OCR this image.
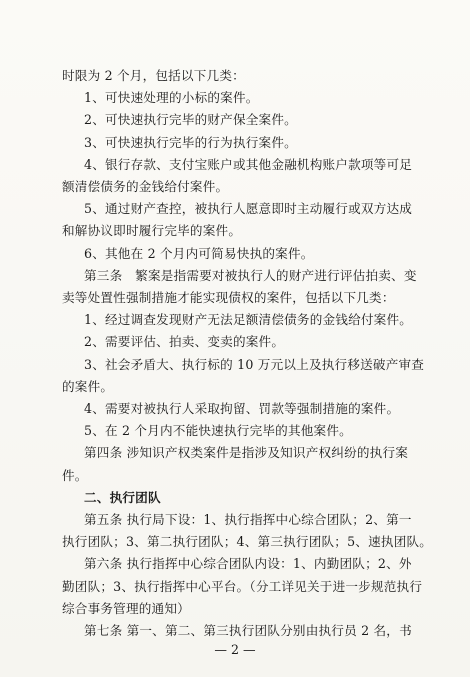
时限为 2 个月，包括以下几类：
1、可快速处理的小标的案件。
2、可快速执行完毕的财产保全案件。
3、可快速执行完毕的行为执行案件。
4、银行存款、支付宝账户或其他金融机构账户款项等可足
额清偿债务的金钱给付案件。
5、通过财产查控，被执行人愿意即时主动履行或双方达成
和解协议即时履行完毕的案件。
6、其他在 2 个月内可简易快执的案件。
第三条　繁案是指需要对被执行人的财产进行评估拍卖、变
卖等处置性强制措施才能实现债权的案件，包括以下几类：
1、经过调查发现财产无法足额清偿债务的金钱给付案件。
2、需要评估、拍卖、变卖的案件。
3、社会矛盾大、执行标的 10 万元以上及执行移送破产审查
的案件。
4、需要对被执行人采取拘留、罚款等强制措施的案件。
5、在 2 个月内不能快速执行完毕的其他案件。
第四条 涉知识产权类案件是指涉及知识产权纠纷的执行案
件。
二、执行团队
第五条 执行局下设：1、执行指挥中心综合团队；2、第一
执行团队；3、第二执行团队；4、第三执行团队；5、速执团队。
第六条 执行指挥中心综合团队内设：1、内勤团队；2、外
勤团队；3、执行指挥中心平台。（分工详见关于进一步规范执行
综合事务管理的通知）
第七条 第一、第二、第三执行团队分别由执行员 2 名，书
— 2 —
